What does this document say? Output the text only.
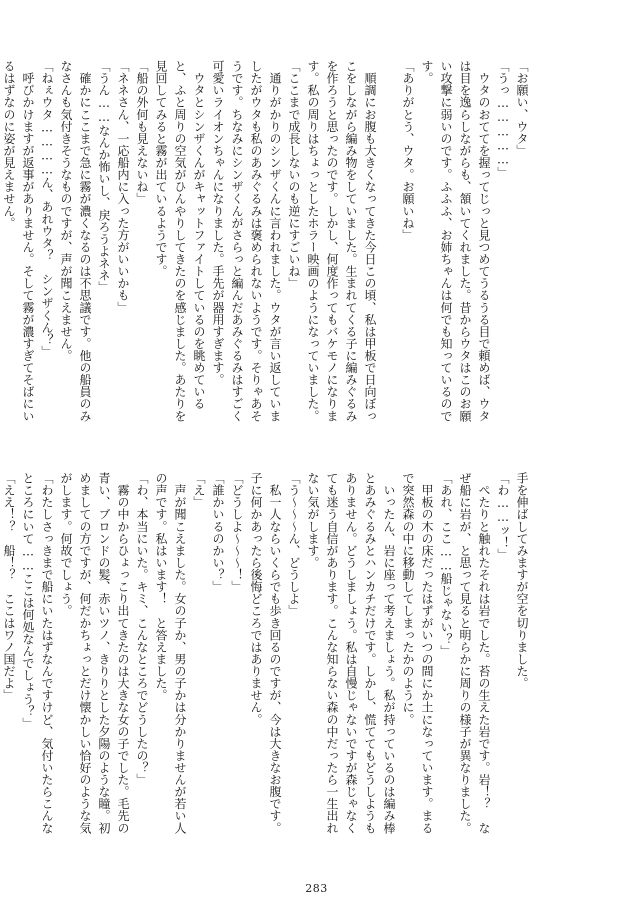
「お願い、ウタ」

「うっ……………」

　ウタのおててを握ってじっと見つめてうるうる目で頼めば、ウタ

は目を逸らしながらも、頷いてくれました。昔からウタはこのお願

い攻撃に弱いのです。ふふふ、お姉ちゃんは何でも知っているので

す。

「ありがとう、ウタ。お願いね」

　順調にお腹も大きくなってきた今日この頃、私は甲板で日向ぼっ

こをしながら編み物をしていました。生まれてくる子に編みぐるみ

を作ろうと思ったのです。しかし、何度作ってもバケモノになりま

す。私の周りはちょっとしたホラー映画のようになっていました。

「ここまで成長しないのも逆にすごいね」

　通りがかりのシンザくんに言われました。ウタが言い返していま

したがウタも私のあみぐるみは褒められないようです。そりゃあそ

うです。ちなみにシンザくんがさらっと編んだあみぐるみはすごく

可愛いライオンちゃんになりました。手先が器用すぎます。

　ウタとシンザくんがキャットファイトしているのを眺めている

と、ふと周りの空気がひんやりしてきたのを感じました。あたりを

見回してみると霧が出ているようです。

「船の外何も見えないね」

「ネネさん、一応船内に入った方がいいかも」

「うん……なんか怖いし、戻ろうよネネ」

　確かにここまで急に霧が濃くなるのは不思議です。他の船員のみ

なさんも気付きそうなものですが、声が聞こえません。

「ねぇウタ…………ん、あれウタ？　シンザくん？」

　呼びかけますが返事がありません。そして霧が濃すぎてそばにい

るはずなのに姿が見えません。

手を伸ばしてみますが空を切りました。

「わ……ッ！」

　ぺたりと触れたそれは岩でした。苔の生えた岩です。岩！？　な

ぜ船に岩が、と思って見ると明らかに周りの様子が異なりました。

「あれ、ここ……船じゃない？」

　甲板の木の床だったはずがいつの間にか土になっています。まる

で突然森の中に移動してしまったかのように。

　いったん、岩に座って考えましょう。私が持っているのは編み棒

とあみぐるみとハンカチだけです。しかし、慌ててもどうしようも

ありません。どうしましょう。私は自慢じゃないですが森じゃなく

ても迷う自信があります。こんな知らない森の中だったら一生出れ

ない気がします。

「う〜〜〜ん、どうしよ」

　私一人ならいくらでも歩き回るのですが、今は大きなお腹です。

子に何かあったら後悔どころではありません。

「どうしよ〜〜〜！」

「誰かいるのかい？」

「え」

　声が聞こえました。女の子か、男の子かは分かりませんが若い人

の声です。私はいます！　と答えました。

「わ、本当にいた。キミ、こんなところでどうしたの？」

　霧の中からひょっこり出てきたのは大きな女の子でした。毛先の

青い、ブロンドの髪、赤いツノ、きりりとした夕陽のような瞳。初

めましての方ですが、何だかちょっとだけ懐かしい恰好のような気

がします。何故でしょう。

「わたしさっきまで船にいたはずなんですけど、気付いたらこんな

ところにいて……ここは何処なんでしょう？」

「ええ！？　船！？　ここはワノ国だよ」

283
